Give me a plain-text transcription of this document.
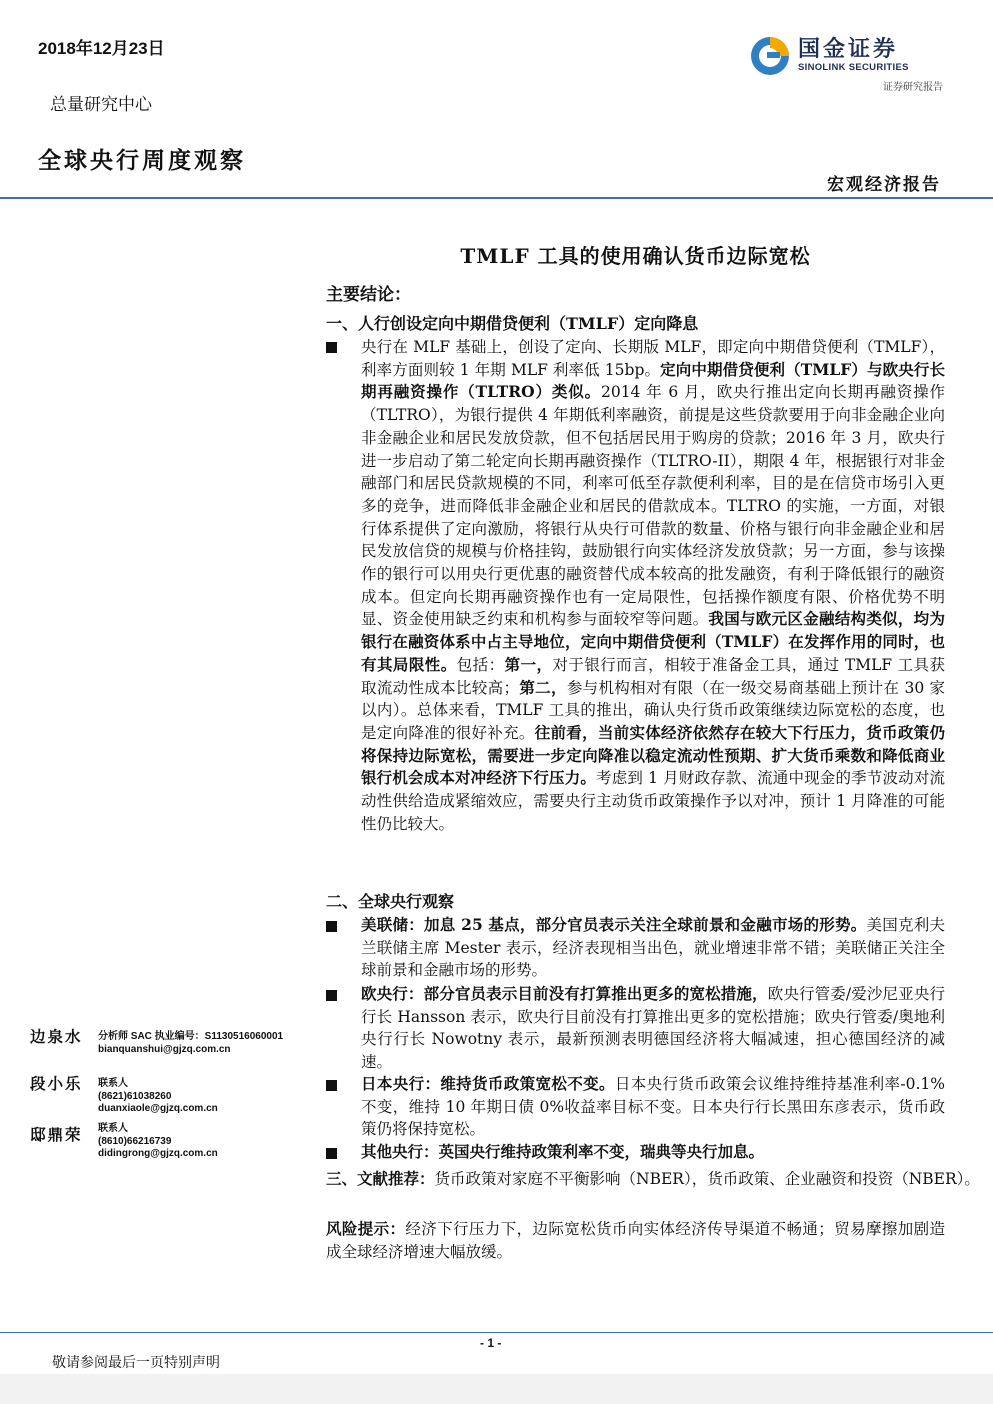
2018年12月23日
总量研究中心
全球央行周度观察
国金证券
SINOLINK SECURITIES
证券研究报告
宏观经济报告
TMLF 工具的使用确认货币边际宽松
主要结论：
一、人行创设定向中期借贷便利（TMLF）定向降息
央行在 MLF 基础上，创设了定向、长期版 MLF，即定向中期借贷便利（TMLF），利率方面则较 1 年期 MLF 利率低 15bp。定向中期借贷便利（TMLF）与欧央行长期再融资操作（TLTRO）类似。2014 年 6 月，欧央行推出定向长期再融资操作（TLTRO），为银行提供 4 年期低利率融资，前提是这些贷款要用于向非金融企业向非金融企业和居民发放贷款，但不包括居民用于购房的贷款；2016 年 3 月，欧央行进一步启动了第二轮定向长期再融资操作（TLTRO-II），期限 4 年，根据银行对非金融部门和居民贷款规模的不同，利率可低至存款便利利率，目的是在信贷市场引入更多的竞争，进而降低非金融企业和居民的借款成本。TLTRO 的实施，一方面，对银行体系提供了定向激励，将银行从央行可借款的数量、价格与银行向非金融企业和居民发放信贷的规模与价格挂钩，鼓励银行向实体经济发放贷款；另一方面，参与该操作的银行可以用央行更优惠的融资替代成本较高的批发融资，有利于降低银行的融资成本。但定向长期再融资操作也有一定局限性，包括操作额度有限、价格优势不明显、资金使用缺乏约束和机构参与面较窄等问题。我国与欧元区金融结构类似，均为银行在融资体系中占主导地位，定向中期借贷便利（TMLF）在发挥作用的同时，也有其局限性。包括：第一，对于银行而言，相较于准备金工具，通过 TMLF 工具获取流动性成本比较高；第二，参与机构相对有限（在一级交易商基础上预计在 30 家以内）。总体来看，TMLF 工具的推出，确认央行货币政策继续边际宽松的态度，也是定向降准的很好补充。往前看，当前实体经济依然存在较大下行压力，货币政策仍将保持边际宽松，需要进一步定向降准以稳定流动性预期、扩大货币乘数和降低商业银行机会成本对冲经济下行压力。考虑到 1 月财政存款、流通中现金的季节波动对流动性供给造成紧缩效应，需要央行主动货币政策操作予以对冲，预计 1 月降准的可能性仍比较大。
二、全球央行观察
美联储：加息 25 基点，部分官员表示关注全球前景和金融市场的形势。美国克利夫兰联储主席 Mester 表示，经济表现相当出色，就业增速非常不错；美联储正关注全球前景和金融市场的形势。
欧央行：部分官员表示目前没有打算推出更多的宽松措施，欧央行管委/爱沙尼亚央行行长 Hansson 表示，欧央行目前没有打算推出更多的宽松措施；欧央行管委/奥地利央行行长 Nowotny 表示，最新预测表明德国经济将大幅减速，担心德国经济的减速。
日本央行：维持货币政策宽松不变。日本央行货币政策会议维持维持基准利率-0.1%不变，维持 10 年期日债 0%收益率目标不变。日本央行行长黑田东彦表示，货币政策仍将保持宽松。
其他央行：英国央行维持政策利率不变，瑞典等央行加息。
三、文献推荐：货币政策对家庭不平衡影响（NBER），货币政策、企业融资和投资（NBER）。
风险提示：经济下行压力下，边际宽松货币向实体经济传导渠道不畅通；贸易摩擦加剧造成全球经济增速大幅放缓。
边泉水 分析师 SAC 执业编号：S1130516060001
bianquanshui@gjzq.com.cn
段小乐 联系人
(8621)61038260
duanxiaole@gjzq.com.cn
邸鼎荣 联系人
(8610)66216739
didingrong@gjzq.com.cn
- 1 -
敬请参阅最后一页特别声明
